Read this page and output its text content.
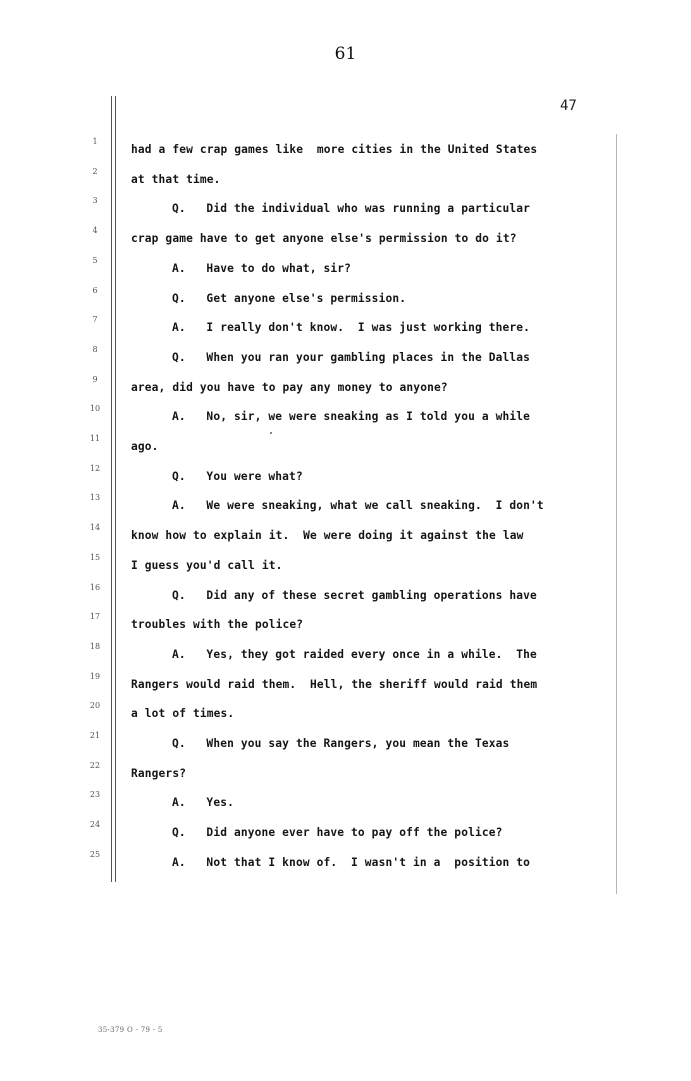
61
47
1
had a few crap games like  more cities in the United States
2
at that time.
3
Q.   Did the individual who was running a particular
4
crap game have to get anyone else's permission to do it?
5
A.   Have to do what, sir?
6
Q.   Get anyone else's permission.
7
A.   I really don't know.  I was just working there.
8
Q.   When you ran your gambling places in the Dallas
9
area, did you have to pay any money to anyone?
10
A.   No, sir, we were sneaking as I told you a while
11
ago.
12
Q.   You were what?
13
A.   We were sneaking, what we call sneaking.  I don't
14
know how to explain it.  We were doing it against the law
15
I guess you'd call it.
16
Q.   Did any of these secret gambling operations have
17
troubles with the police?
18
A.   Yes, they got raided every once in a while.  The
19
Rangers would raid them.  Hell, the sheriff would raid them
20
a lot of times.
21
Q.   When you say the Rangers, you mean the Texas
22
Rangers?
23
A.   Yes.
24
Q.   Did anyone ever have to pay off the police?
25
A.   Not that I know of.  I wasn't in a  position to
35-379 O - 79 - 5
